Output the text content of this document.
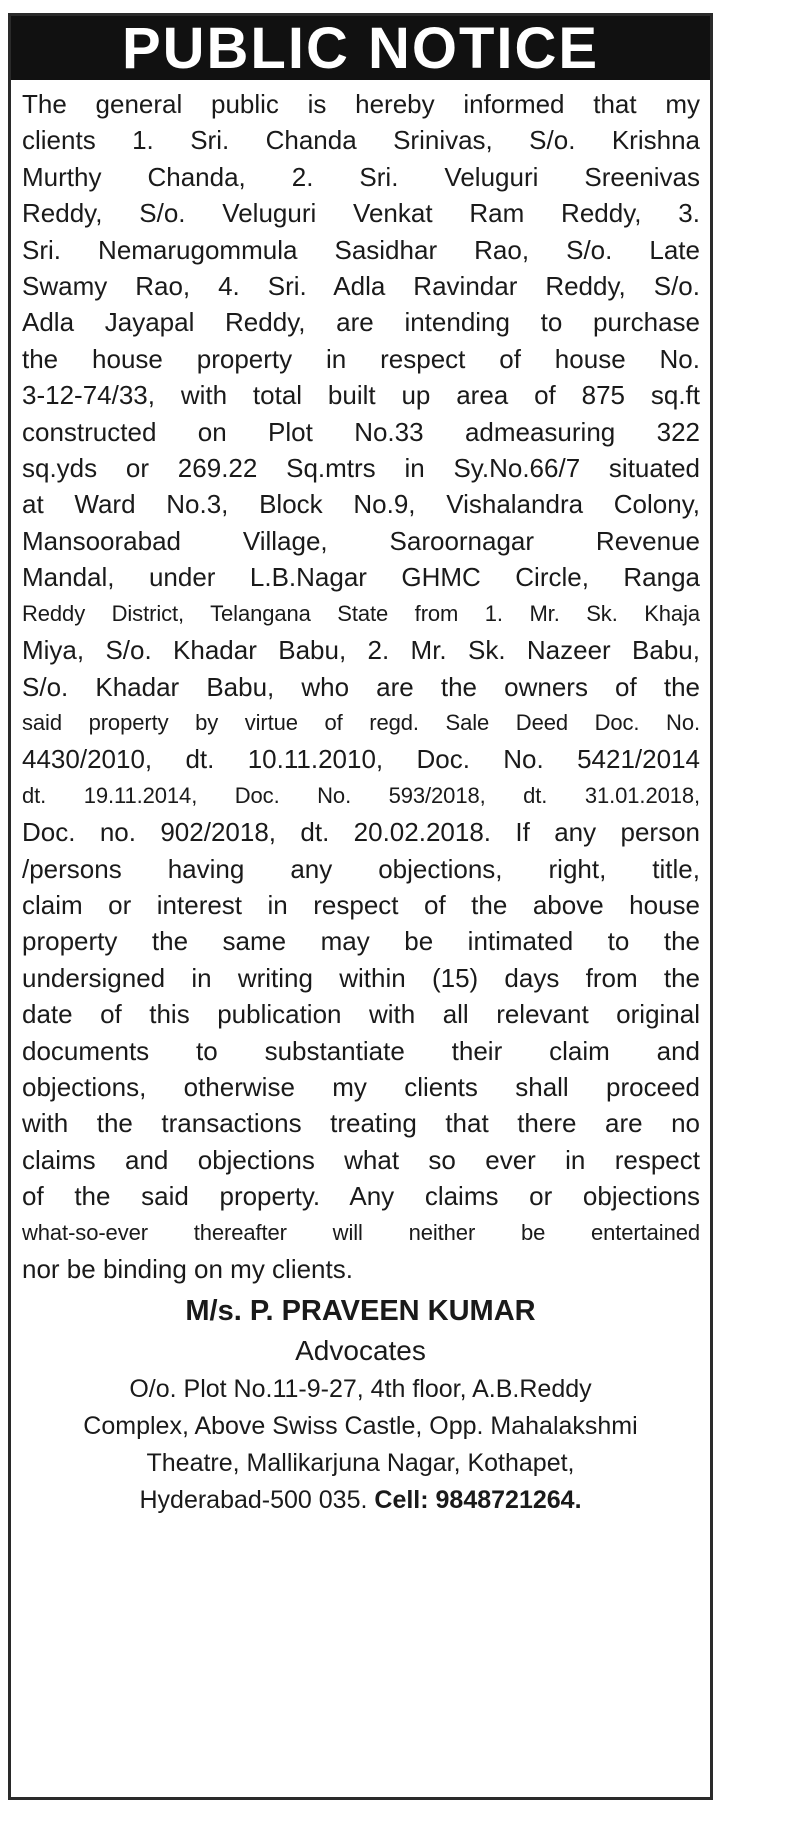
PUBLIC NOTICE
The general public is hereby informed that my
clients 1. Sri. Chanda Srinivas, S/o. Krishna
Murthy Chanda, 2. Sri. Veluguri Sreenivas
Reddy, S/o. Veluguri Venkat Ram Reddy, 3.
Sri. Nemarugommula Sasidhar Rao, S/o. Late
Swamy Rao, 4. Sri. Adla Ravindar Reddy, S/o.
Adla Jayapal Reddy, are intending to purchase
the house property in respect of house No.
3-12-74/33, with total built up area of 875 sq.ft
constructed on Plot No.33 admeasuring 322
sq.yds or 269.22 Sq.mtrs in Sy.No.66/7 situated
at Ward No.3, Block No.9, Vishalandra Colony,
Mansoorabad Village, Saroornagar Revenue
Mandal, under L.B.Nagar GHMC Circle, Ranga
Reddy District, Telangana State from 1. Mr. Sk. Khaja
Miya, S/o. Khadar Babu, 2. Mr. Sk. Nazeer Babu,
S/o. Khadar Babu, who are the owners of the
said property by virtue of regd. Sale Deed Doc. No.
4430/2010, dt. 10.11.2010, Doc. No. 5421/2014
dt. 19.11.2014, Doc. No. 593/2018, dt. 31.01.2018,
Doc. no. 902/2018, dt. 20.02.2018. If any person
/persons having any objections, right, title,
claim or interest in respect of the above house
property the same may be intimated to the
undersigned in writing within (15) days from the
date of this publication with all relevant original
documents to substantiate their claim and
objections, otherwise my clients shall proceed
with the transactions treating that there are no
claims and objections what so ever in respect
of the said property. Any claims or objections
what-so-ever thereafter will neither be entertained
nor be binding on my clients.
M/s. P. PRAVEEN KUMAR
Advocates
O/o. Plot No.11-9-27, 4th floor, A.B.Reddy
Complex, Above Swiss Castle, Opp. Mahalakshmi
Theatre, Mallikarjuna Nagar, Kothapet,
Hyderabad-500 035. Cell: 9848721264.
